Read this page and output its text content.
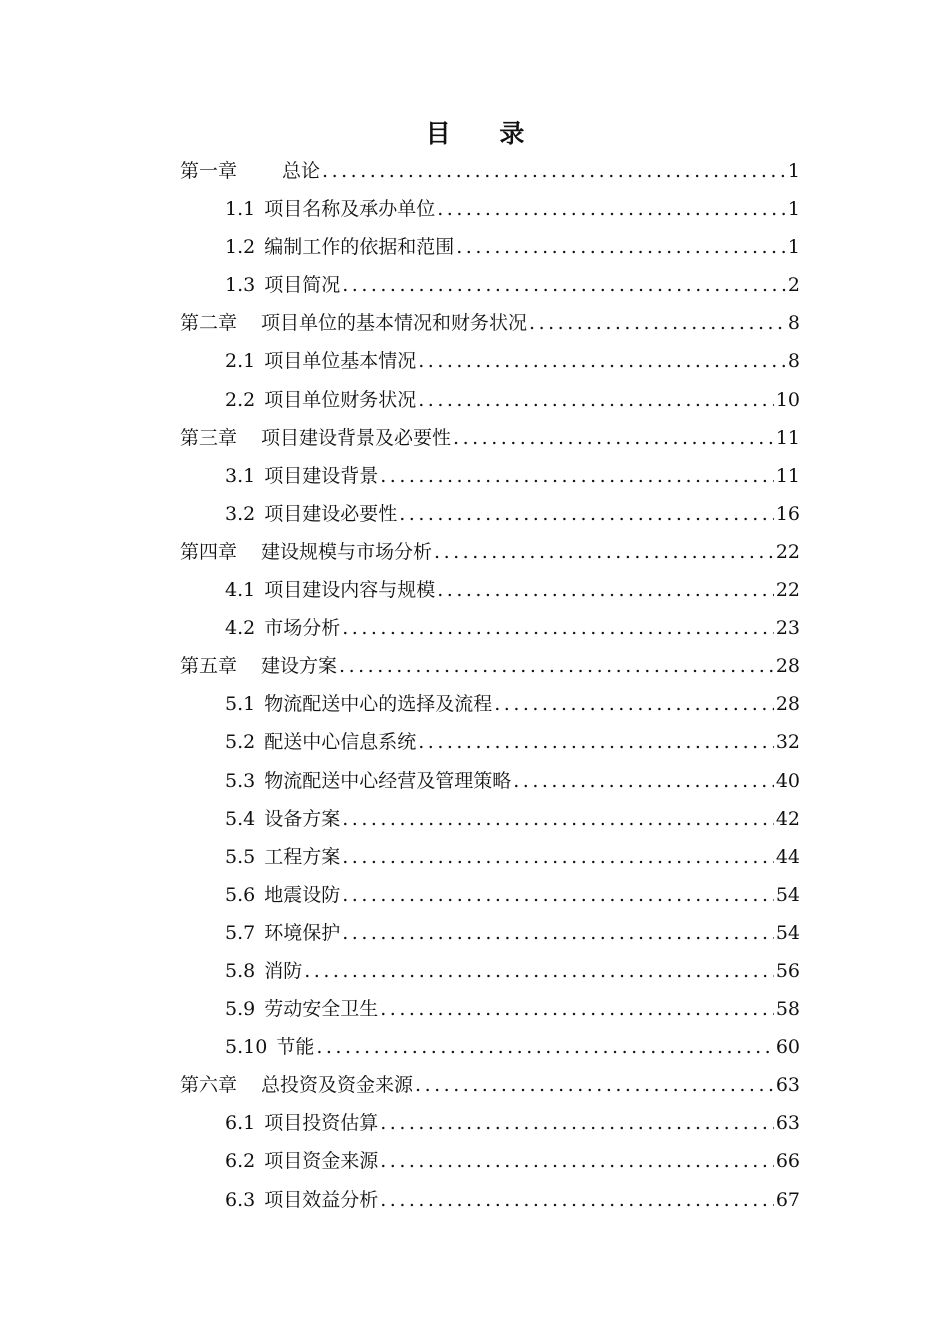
目 录
第一章 总论 .....	1
1.1 项目名称及承办单位 .....	1
1.2 编制工作的依据和范围 .....	1
1.3 项目简况 .....	2
第二章 项目单位的基本情况和财务状况 .....	8
2.1 项目单位基本情况 .....	8
2.2 项目单位财务状况 .....	10
第三章 项目建设背景及必要性 .....	11
3.1 项目建设背景 .....	11
3.2 项目建设必要性 .....	16
第四章 建设规模与市场分析 .....	22
4.1 项目建设内容与规模 .....	22
4.2 市场分析 .....	23
第五章 建设方案 .....	28
5.1 物流配送中心的选择及流程 .....	28
5.2 配送中心信息系统 .....	32
5.3 物流配送中心经营及管理策略 .....	40
5.4 设备方案 .....	42
5.5 工程方案 .....	44
5.6 地震设防 .....	54
5.7 环境保护 .....	54
5.8 消防 .....	56
5.9 劳动安全卫生 .....	58
5.10 节能 .....	60
第六章 总投资及资金来源 .....	63
6.1 项目投资估算 .....	63
6.2 项目资金来源 .....	66
6.3 项目效益分析 .....	67
